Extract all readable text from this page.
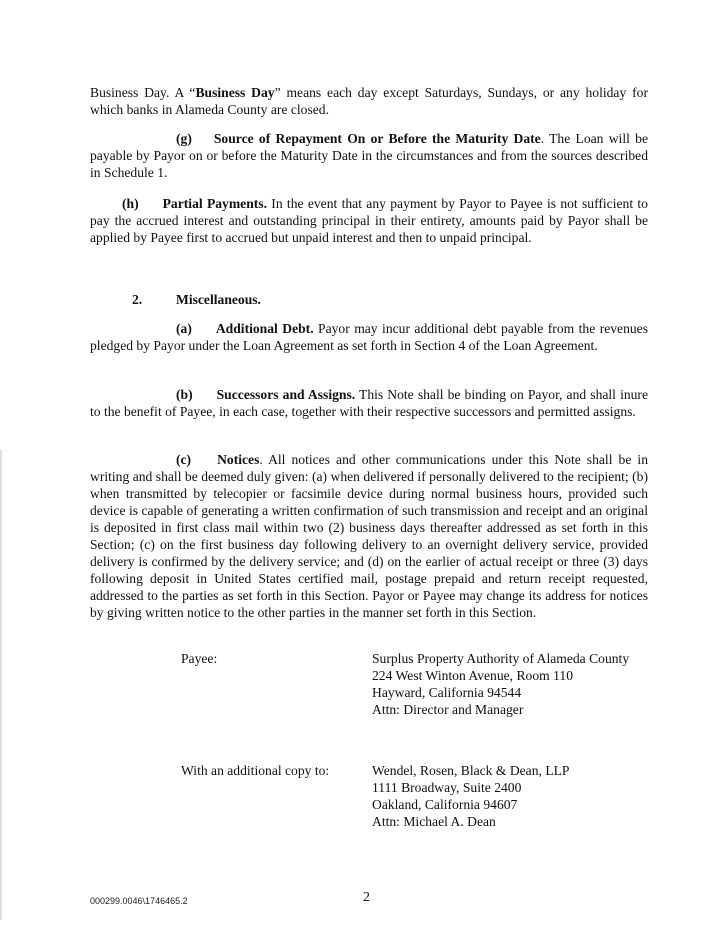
Business Day. A “Business Day” means each day except Saturdays, Sundays, or any holiday for which banks in Alameda County are closed.

(g) Source of Repayment On or Before the Maturity Date. The Loan will be payable by Payor on or before the Maturity Date in the circumstances and from the sources described in Schedule 1.

(h) Partial Payments. In the event that any payment by Payor to Payee is not sufficient to pay the accrued interest and outstanding principal in their entirety, amounts paid by Payor shall be applied by Payee first to accrued but unpaid interest and then to unpaid principal.

2. Miscellaneous.

(a) Additional Debt. Payor may incur additional debt payable from the revenues pledged by Payor under the Loan Agreement as set forth in Section 4 of the Loan Agreement.

(b) Successors and Assigns. This Note shall be binding on Payor, and shall inure to the benefit of Payee, in each case, together with their respective successors and permitted assigns.

(c) Notices. All notices and other communications under this Note shall be in writing and shall be deemed duly given: (a) when delivered if personally delivered to the recipient; (b) when transmitted by telecopier or facsimile device during normal business hours, provided such device is capable of generating a written confirmation of such transmission and receipt and an original is deposited in first class mail within two (2) business days thereafter addressed as set forth in this Section; (c) on the first business day following delivery to an overnight delivery service, provided delivery is confirmed by the delivery service; and (d) on the earlier of actual receipt or three (3) days following deposit in United States certified mail, postage prepaid and return receipt requested, addressed to the parties as set forth in this Section. Payor or Payee may change its address for notices by giving written notice to the other parties in the manner set forth in this Section.

Payee:	Surplus Property Authority of Alameda County
224 West Winton Avenue, Room 110
Hayward, California 94544
Attn: Director and Manager
With an additional copy to:	Wendel, Rosen, Black & Dean, LLP
1111 Broadway, Suite 2400
Oakland, California 94607
Attn: Michael A. Dean
000299.0046\1746465.2	2
